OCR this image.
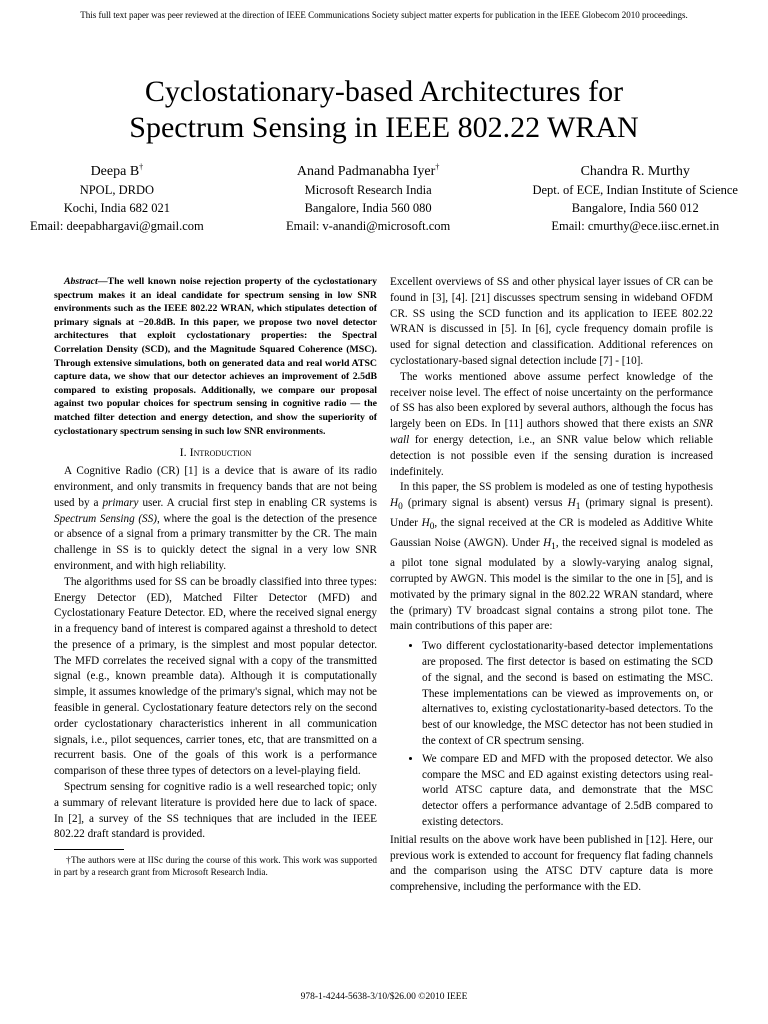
This full text paper was peer reviewed at the direction of IEEE Communications Society subject matter experts for publication in the IEEE Globecom 2010 proceedings.
Cyclostationary-based Architectures for
Spectrum Sensing in IEEE 802.22 WRAN
Deepa B†
NPOL, DRDO
Kochi, India 682 021
Email: deepabhargavi@gmail.com
Anand Padmanabha Iyer†
Microsoft Research India
Bangalore, India 560 080
Email: v-anandi@microsoft.com
Chandra R. Murthy
Dept. of ECE, Indian Institute of Science
Bangalore, India 560 012
Email: cmurthy@ece.iisc.ernet.in

Abstract—The well known noise rejection property of the cyclostationary spectrum makes it an ideal candidate for spectrum sensing in low SNR environments such as the IEEE 802.22 WRAN, which stipulates detection of primary signals at −20.8dB. In this paper, we propose two novel detector architectures that exploit cyclostationary properties: the Spectral Correlation Density (SCD), and the Magnitude Squared Coherence (MSC). Through extensive simulations, both on generated data and real world ATSC capture data, we show that our detector achieves an improvement of 2.5dB compared to existing proposals. Additionally, we compare our proposal against two popular choices for spectrum sensing in cognitive radio — the matched filter detection and energy detection, and show the superiority of cyclostationary spectrum sensing in such low SNR environments.

I. Introduction

A Cognitive Radio (CR) [1] is a device that is aware of its radio environment, and only transmits in frequency bands that are not being used by a primary user. A crucial first step in enabling CR systems is Spectrum Sensing (SS), where the goal is the detection of the presence or absence of a signal from a primary transmitter by the CR. The main challenge in SS is to quickly detect the signal in a very low SNR environment, and with high reliability.

The algorithms used for SS can be broadly classified into three types: Energy Detector (ED), Matched Filter Detector (MFD) and Cyclostationary Feature Detector. ED, where the received signal energy in a frequency band of interest is compared against a threshold to detect the presence of a primary, is the simplest and most popular detector. The MFD correlates the received signal with a copy of the transmitted signal (e.g., known preamble data). Although it is computationally simple, it assumes knowledge of the primary's signal, which may not be feasible in general. Cyclostationary feature detectors rely on the second order cyclostationary characteristics inherent in all communication signals, i.e., pilot sequences, carrier tones, etc, that are transmitted on a recurrent basis. One of the goals of this work is a performance comparison of these three types of detectors on a level-playing field.

Spectrum sensing for cognitive radio is a well researched topic; only a summary of relevant literature is provided here due to lack of space. In [2], a survey of the SS techniques that are included in the IEEE 802.22 draft standard is provided.

†The authors were at IISc during the course of this work. This work was supported in part by a research grant from Microsoft Research India.

Excellent overviews of SS and other physical layer issues of CR can be found in [3], [4]. [21] discusses spectrum sensing in wideband OFDM CR. SS using the SCD function and its application to IEEE 802.22 WRAN is discussed in [5]. In [6], cycle frequency domain profile is used for signal detection and classification. Additional references on cyclostationary-based signal detection include [7] - [10].

The works mentioned above assume perfect knowledge of the receiver noise level. The effect of noise uncertainty on the performance of SS has also been explored by several authors, although the focus has largely been on EDs. In [11] authors showed that there exists an SNR wall for energy detection, i.e., an SNR value below which reliable detection is not possible even if the sensing duration is increased indefinitely.

In this paper, the SS problem is modeled as one of testing hypothesis $H_0$ (primary signal is absent) versus $H_1$ (primary signal is present). Under $H_0$, the signal received at the CR is modeled as Additive White Gaussian Noise (AWGN). Under $H_1$, the received signal is modeled as a pilot tone signal modulated by a slowly-varying analog signal, corrupted by AWGN. This model is the similar to the one in [5], and is motivated by the primary signal in the 802.22 WRAN standard, where the (primary) TV broadcast signal contains a strong pilot tone. The main contributions of this paper are:

• Two different cyclostationarity-based detector implementations are proposed. The first detector is based on estimating the SCD of the signal, and the second is based on estimating the MSC. These implementations can be viewed as improvements on, or alternatives to, existing cyclostationarity-based detectors. To the best of our knowledge, the MSC detector has not been studied in the context of CR spectrum sensing.
• We compare ED and MFD with the proposed detector. We also compare the MSC and ED against existing detectors using real-world ATSC capture data, and demonstrate that the MSC detector offers a performance advantage of 2.5dB compared to existing detectors.

Initial results on the above work have been published in [12]. Here, our previous work is extended to account for frequency flat fading channels and the comparison using the ATSC DTV capture data is more comprehensive, including the performance with the ED.

978-1-4244-5638-3/10/$26.00 ©2010 IEEE
